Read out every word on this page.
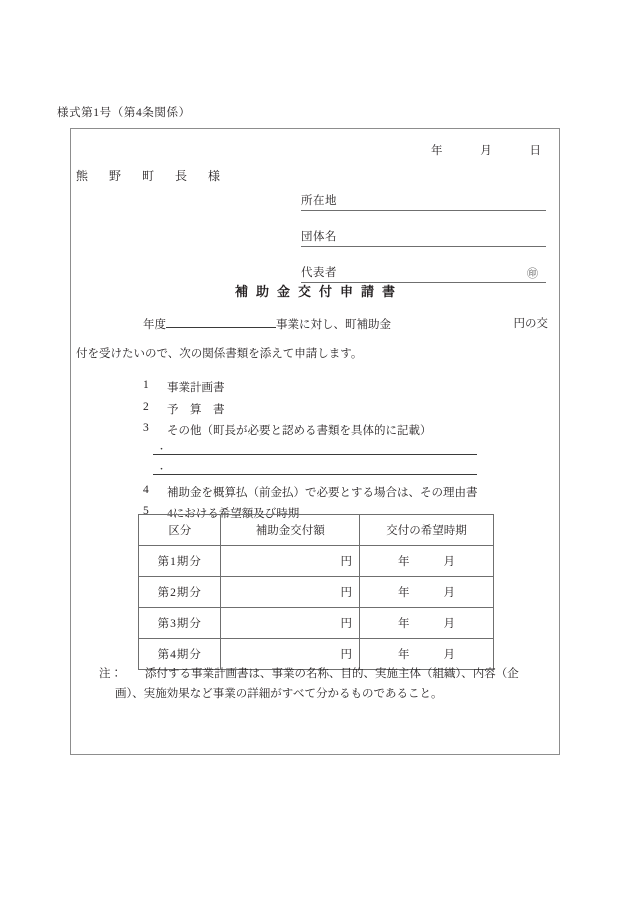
様式第1号（第4条関係）
年	月	日
熊 野 町 長 様
所在地
団体名
代表者	㊞
補助金交付申請書
年度	事業に対し、町補助金	円の交
付を受けたいので、次の関係書類を添えて申請します。
1	事業計画書
2	予　算　書
3	その他（町長が必要と認める書類を具体的に記載）
・
・
4	補助金を概算払（前金払）で必要とする場合は、その理由書
5	4における希望額及び時期
区分	補助金交付額	交付の希望時期
第1期分	円	年 月
第2期分	円	年 月
第3期分	円	年 月
第4期分	円	年 月
注：	添付する事業計画書は、事業の名称、目的、実施主体（組織）、内容（企
画）、実施効果など事業の詳細がすべて分かるものであること。
